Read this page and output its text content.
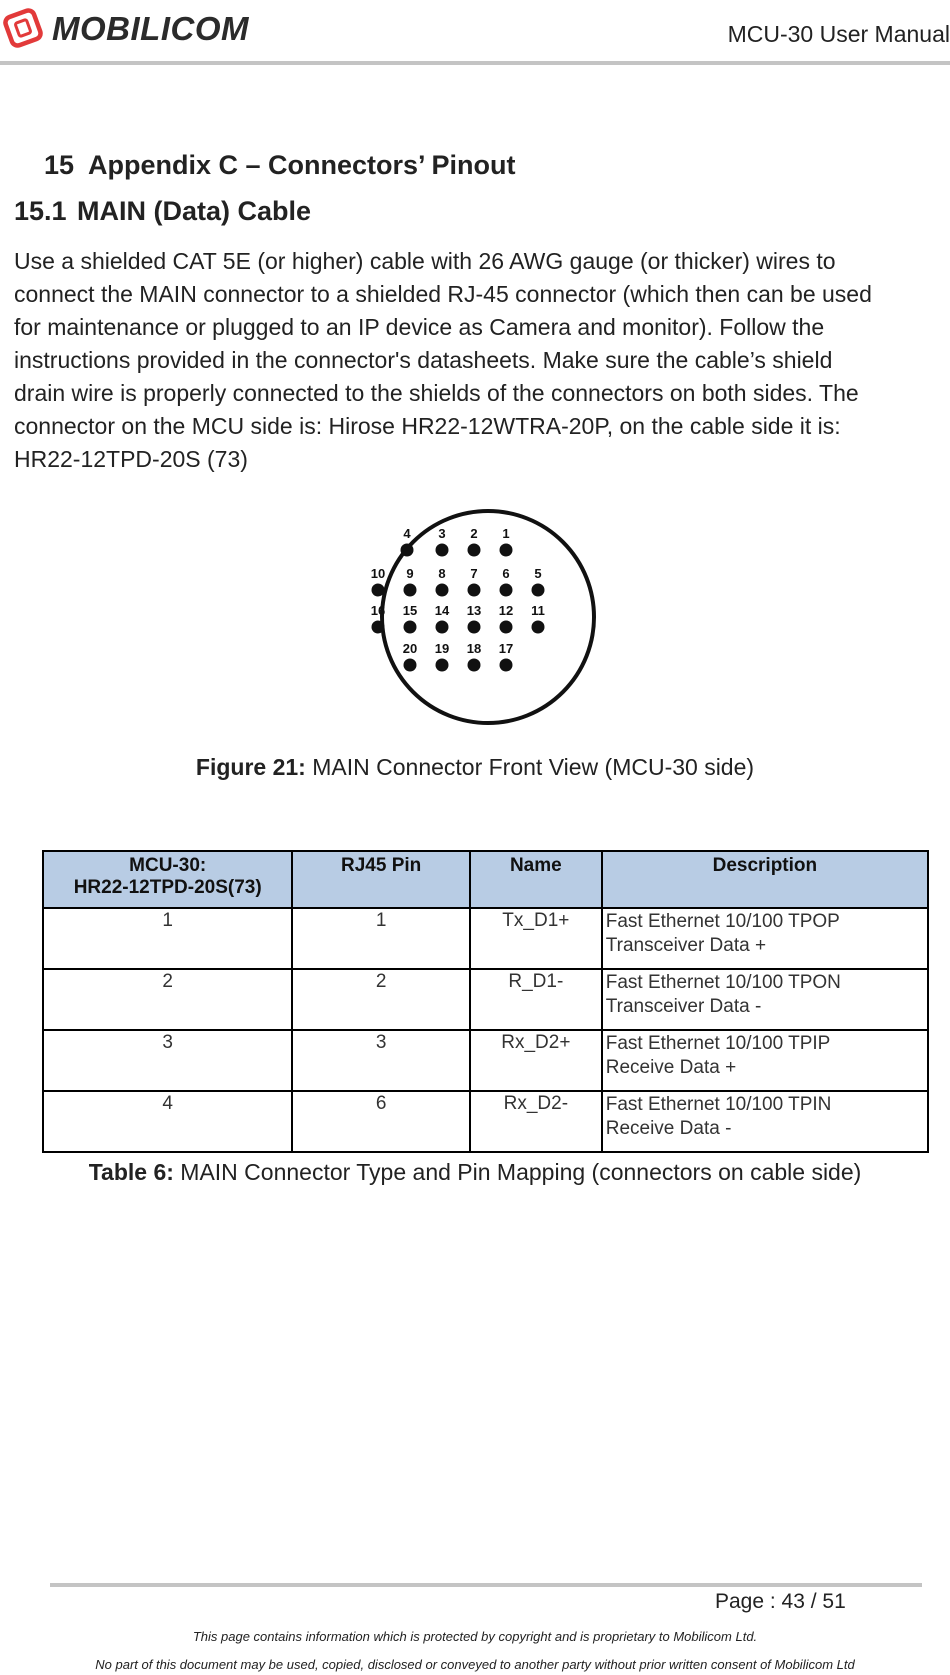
MOBILICOM	MCU-30 User Manual
15 Appendix C – Connectors’ Pinout
15.1 MAIN (Data) Cable
Use a shielded CAT 5E (or higher) cable with 26 AWG gauge (or thicker) wires to
connect the MAIN connector to a shielded RJ-45 connector (which then can be used
for maintenance or plugged to an IP device as Camera and monitor). Follow the
instructions provided in the connector's datasheets. Make sure the cable’s shield
drain wire is properly connected to the shields of the connectors on both sides. The
connector on the MCU side is: Hirose HR22-12WTRA-20P, on the cable side it is:
HR22-12TPD-20S (73)
4 3 2 1
10 9 8 7 6 5
16 15 14 13 12 11
20 19 18 17
Figure 21: MAIN Connector Front View (MCU-30 side)
MCU-30:
HR22-12TPD-20S(73)	RJ45 Pin	Name	Description
1	1	Tx_D1+	Fast Ethernet 10/100 TPOP
Transceiver Data +

2	2	R_D1-	Fast Ethernet 10/100 TPON
Transceiver Data -

3	3	Rx_D2+	Fast Ethernet 10/100 TPIP
Receive Data +

4	6	Rx_D2-	Fast Ethernet 10/100 TPIN
Receive Data -
Table 6: MAIN Connector Type and Pin Mapping (connectors on cable side)
Page : 43 / 51
This page contains information which is protected by copyright and is proprietary to Mobilicom Ltd.
No part of this document may be used, copied, disclosed or conveyed to another party without prior written consent of Mobilicom Ltd
